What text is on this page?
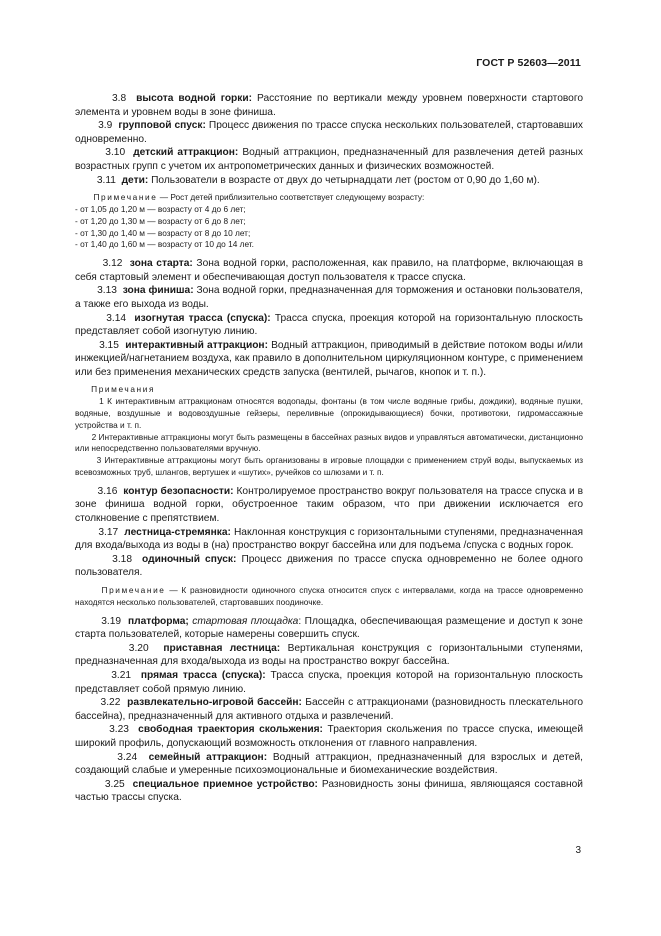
ГОСТ Р 52603—2011

3.8 высота водной горки: Расстояние по вертикали между уровнем поверхности стартового элемента и уровнем воды в зоне финиша.

3.9 групповой спуск: Процесс движения по трассе спуска нескольких пользователей, стартовавших одновременно.

3.10 детский аттракцион: Водный аттракцион, предназначенный для развлечения детей разных возрастных групп с учетом их антропометрических данных и физических возможностей.

3.11 дети: Пользователи в возрасте от двух до четырнадцати лет (ростом от 0,90 до 1,60 м).

Примечание — Рост детей приблизительно соответствует следующему возрасту:

- от 1,05 до 1,20 м — возрасту от 4 до 6 лет;

- от 1,20 до 1,30 м — возрасту от 6 до 8 лет;

- от 1,30 до 1,40 м — возрасту от 8 до 10 лет;

- от 1,40 до 1,60 м — возрасту от 10 до 14 лет.

3.12 зона старта: Зона водной горки, расположенная, как правило, на платформе, включающая в себя стартовый элемент и обеспечивающая доступ пользователя к трассе спуска.

3.13 зона финиша: Зона водной горки, предназначенная для торможения и остановки пользователя, а также его выхода из воды.

3.14 изогнутая трасса (спуска): Трасса спуска, проекция которой на горизонтальную плоскость представляет собой изогнутую линию.

3.15 интерактивный аттракцион: Водный аттракцион, приводимый в действие потоком воды и/или инжекцией/нагнетанием воздуха, как правило в дополнительном циркуляционном контуре, с применением или без применения механических средств запуска (вентилей, рычагов, кнопок и т. п.).

Примечания

1 К интерактивным аттракционам относятся водопады, фонтаны (в том числе водяные грибы, дождики), водяные пушки, водяные, воздушные и водовоздушные гейзеры, переливные (опрокидывающиеся) бочки, противотоки, гидромассажные устройства и т. п.

2 Интерактивные аттракционы могут быть размещены в бассейнах разных видов и управляться автоматически, дистанционно или непосредственно пользователями вручную.

3 Интерактивные аттракционы могут быть организованы в игровые площадки с применением струй воды, выпускаемых из всевозможных труб, шлангов, вертушек и «шутих», ручейков со шлюзами и т. п.

3.16 контур безопасности: Контролируемое пространство вокруг пользователя на трассе спуска и в зоне финиша водной горки, обустроенное таким образом, что при движении исключается его столкновение с препятствием.

3.17 лестница-стремянка: Наклонная конструкция с горизонтальными ступенями, предназначенная для входа/выхода из воды в (на) пространство вокруг бассейна или для подъема /спуска с водных горок.

3.18 одиночный спуск: Процесс движения по трассе спуска одновременно не более одного пользователя.

Примечание — К разновидности одиночного спуска относится спуск с интервалами, когда на трассе одновременно находятся несколько пользователей, стартовавших поодиночке.

3.19 платформа; стартовая площадка: Площадка, обеспечивающая размещение и доступ к зоне старта пользователей, которые намерены совершить спуск.

3.20 приставная лестница: Вертикальная конструкция с горизонтальными ступенями, предназначенная для входа/выхода из воды на пространство вокруг бассейна.

3.21 прямая трасса (спуска): Трасса спуска, проекция которой на горизонтальную плоскость представляет собой прямую линию.

3.22 развлекательно-игровой бассейн: Бассейн с аттракционами (разновидность плескательного бассейна), предназначенный для активного отдыха и развлечений.

3.23 свободная траектория скольжения: Траектория скольжения по трассе спуска, имеющей широкий профиль, допускающий возможность отклонения от главного направления.

3.24 семейный аттракцион: Водный аттракцион, предназначенный для взрослых и детей, создающий слабые и умеренные психоэмоциональные и биомеханические воздействия.

3.25 специальное приемное устройство: Разновидность зоны финиша, являющаяся составной частью трассы спуска.

3
